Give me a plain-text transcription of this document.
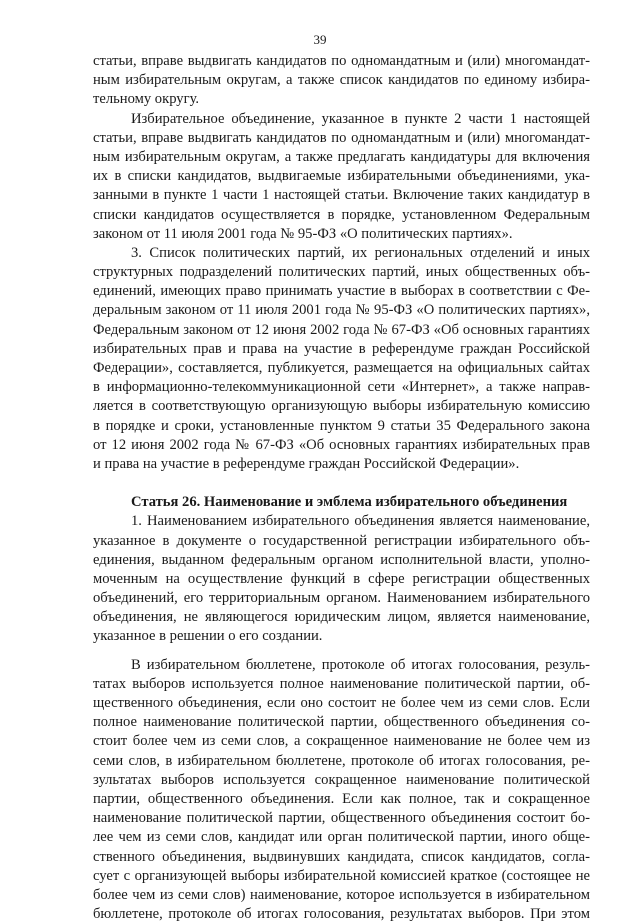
39
статьи, вправе выдвигать кандидатов по одномандатным и (или) многомандат-
ным избирательным округам, а также список кандидатов по единому избира-
тельному округу.
Избирательное объединение, указанное в пункте 2 части 1 настоящей
статьи, вправе выдвигать кандидатов по одномандатным и (или) многомандат-
ным избирательным округам, а также предлагать кандидатуры для включения
их в списки кандидатов, выдвигаемые избирательными объединениями, ука-
занными в пункте 1 части 1 настоящей статьи. Включение таких кандидатур в
списки кандидатов осуществляется в порядке, установленном Федеральным
законом от 11 июля 2001 года № 95-ФЗ «О политических партиях».
3. Список политических партий, их региональных отделений и иных
структурных подразделений политических партий, иных общественных объ-
единений, имеющих право принимать участие в выборах в соответствии с Фе-
деральным законом от 11 июля 2001 года № 95-ФЗ «О политических партиях»,
Федеральным законом от 12 июня 2002 года № 67-ФЗ «Об основных гарантиях
избирательных прав и права на участие в референдуме граждан Российской
Федерации», составляется, публикуется, размещается на официальных сайтах
в информационно-телекоммуникационной сети «Интернет», а также направ-
ляется в соответствующую организующую выборы избирательную комиссию
в порядке и сроки, установленные пунктом 9 статьи 35 Федерального закона
от 12 июня 2002 года № 67-ФЗ «Об основных гарантиях избирательных прав
и права на участие в референдуме граждан Российской Федерации».
Статья 26. Наименование и эмблема избирательного объединения
1. Наименованием избирательного объединения является наименование,
указанное в документе о государственной регистрации избирательного объ-
единения, выданном федеральным органом исполнительной власти, уполно-
моченным на осуществление функций в сфере регистрации общественных
объединений, его территориальным органом. Наименованием избирательного
объединения, не являющегося юридическим лицом, является наименование,
указанное в решении о его создании.
В избирательном бюллетене, протоколе об итогах голосования, резуль-
татах выборов используется полное наименование политической партии, об-
щественного объединения, если оно состоит не более чем из семи слов. Если
полное наименование политической партии, общественного объединения со-
стоит более чем из семи слов, а сокращенное наименование не более чем из
семи слов, в избирательном бюллетене, протоколе об итогах голосования, ре-
зультатах выборов используется сокращенное наименование политической
партии, общественного объединения. Если как полное, так и сокращенное
наименование политической партии, общественного объединения состоит бо-
лее чем из семи слов, кандидат или орган политической партии, иного обще-
ственного объединения, выдвинувших кандидата, список кандидатов, согла-
сует с организующей выборы избирательной комиссией краткое (состоящее не
более чем из семи слов) наименование, которое используется в избирательном
бюллетене, протоколе об итогах голосования, результатах выборов. При этом
